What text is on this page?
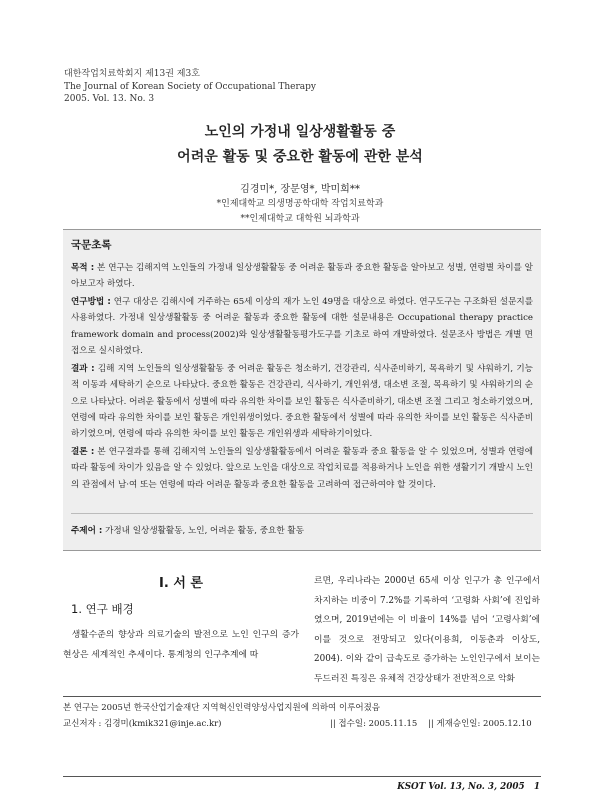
대한작업치료학회지 제13권 제3호
The Journal of Korean Society of Occupational Therapy
2005. Vol. 13. No. 3
노인의 가정내 일상생활활동 중
어려운 활동 및 중요한 활동에 관한 분석
김경미*, 장문영*, 박미희**
*인제대학교 의생명공학대학 작업치료학과
**인제대학교 대학원 뇌과학과
국문초록
목적 : 본 연구는 김해지역 노인들의 가정내 일상생활활동 중 어려운 활동과 중요한 활동을 알아보고 성별, 연령별 차이를 알아보고자 하였다.
연구방법 : 연구 대상은 김해시에 거주하는 65세 이상의 재가 노인 49명을 대상으로 하였다. 연구도구는 구조화된 설문지를 사용하였다. 가정내 일상생활활동 중 어려운 활동과 중요한 활동에 대한 설문내용은 Occupational therapy practice framework domain and process(2002)와 일상생활활동평가도구를 기초로 하여 개발하였다. 설문조사 방법은 개별 면접으로 실시하였다.
결과 : 김해 지역 노인들의 일상생활활동 중 어려운 활동은 청소하기, 건강관리, 식사준비하기, 목욕하기 및 샤워하기, 기능적 이동과 세탁하기 순으로 나타났다. 중요한 활동은 건강관리, 식사하기, 개인위생, 대소변 조절, 목욕하기 및 샤워하기의 순으로 나타났다. 어려운 활동에서 성별에 따라 유의한 차이를 보인 활동은 식사준비하기, 대소변 조절 그리고 청소하기였으며, 연령에 따라 유의한 차이를 보인 활동은 개인위생이었다. 중요한 활동에서 성별에 따라 유의한 차이를 보인 활동은 식사준비하기였으며, 연령에 따라 유의한 차이를 보인 활동은 개인위생과 세탁하기이었다.
결론 : 본 연구결과를 통해 김해지역 노인들의 일상생활활동에서 어려운 활동과 중요 활동을 알 수 있었으며, 성별과 연령에 따라 활동에 차이가 있음을 알 수 있었다. 앞으로 노인을 대상으로 작업치료를 적용하거나 노인을 위한 생활기기 개발시 노인의 관점에서 남·여 또는 연령에 따라 어려운 활동과 중요한 활동을 고려하여 접근하여야 할 것이다.
주제어 : 가정내 일상생활활동, 노인, 어려운 활동, 중요한 활동
Ⅰ. 서 론
1. 연구 배경
생활수준의 향상과 의료기술의 발전으로 노인 인구의 증가현상은 세계적인 추세이다. 통계청의 인구추계에 따
르면, 우리나라는 2000년 65세 이상 인구가 총 인구에서 차지하는 비중이 7.2%를 기록하여 ‘고령화 사회’에 진입하였으며, 2019년에는 이 비율이 14%를 넘어 ‘고령사회’에 이를 것으로 전망되고 있다(이용희, 이동춘과 이상도, 2004). 이와 같이 급속도로 증가하는 노인인구에서 보이는 두드러진 특징은 유체적 건강상태가 전반적으로 악화
본 연구는 2005년 한국산업기술재단 지역혁신인력양성사업지원에 의하여 이루어졌음
교신저자 : 김경미(kmik321@inje.ac.kr)	|| 접수일: 2005.11.15 || 게재승인일: 2005.12.10
KSOT Vol. 13, No. 3, 2005 1
